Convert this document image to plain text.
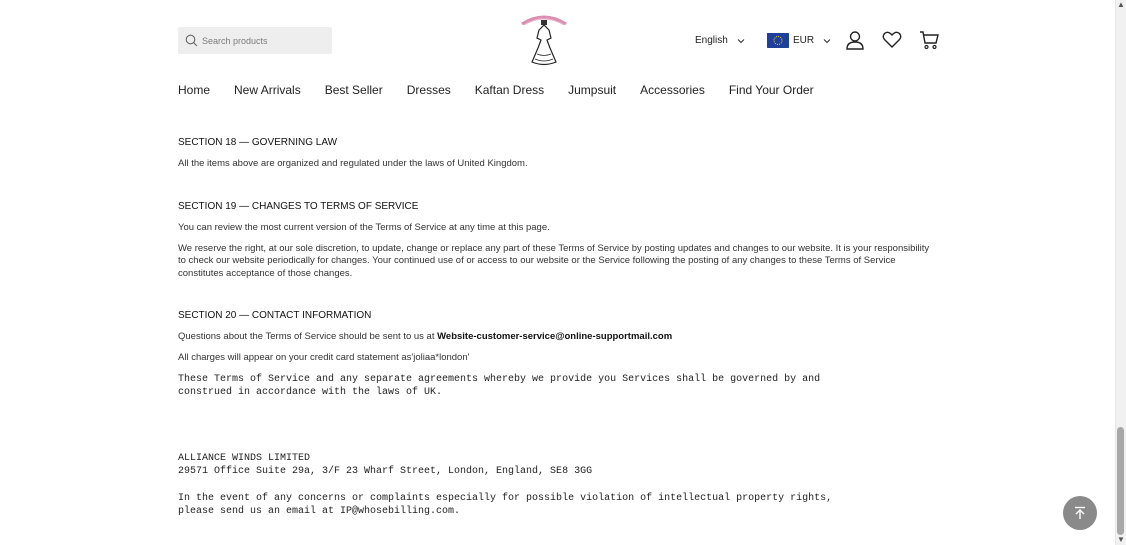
▲
▼
Search products
English	EUR
Home New Arrivals Best Seller Dresses Kaftan Dress Jumpsuit Accessories Find Your Order
SECTION 18 — GOVERNING LAW

All the items above are organized and regulated under the laws of United Kingdom.

SECTION 19 — CHANGES TO TERMS OF SERVICE

You can review the most current version of the Terms of Service at any time at this page.

We reserve the right, at our sole discretion, to update, change or replace any part of these Terms of Service by posting updates and changes to our website. It is your responsibility to check our website periodically for changes. Your continued use of or access to our website or the Service following the posting of any changes to these Terms of Service constitutes acceptance of those changes.

SECTION 20 — CONTACT INFORMATION

Questions about the Terms of Service should be sent to us at Website-customer-service@online-supportmail.com

All charges will appear on your credit card statement as'joliaa*london'

These Terms of Service and any separate agreements whereby we provide you Services shall be governed by and
construed in accordance with the laws of UK.
ALLIANCE WINDS LIMITED
29571 Office Suite 29a, 3/F 23 Wharf Street, London, England, SE8 3GG
In the event of any concerns or complaints especially for possible violation of intellectual property rights,
please send us an email at IP@whosebilling.com.
